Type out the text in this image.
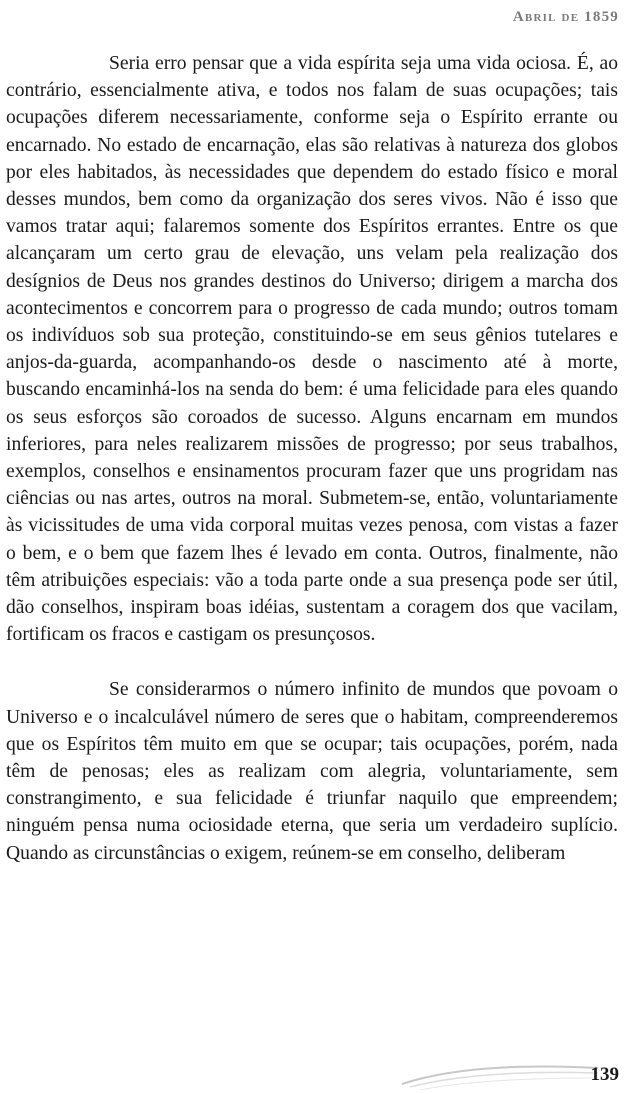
Abril de 1859

Seria erro pensar que a vida espírita seja uma vida ociosa. É, ao contrário, essencialmente ativa, e todos nos falam de suas ocupações; tais ocupações diferem necessariamente, conforme seja o Espírito errante ou encarnado. No estado de encarnação, elas são relativas à natureza dos globos por eles habitados, às necessidades que dependem do estado físico e moral desses mundos, bem como da organização dos seres vivos. Não é isso que vamos tratar aqui; falaremos somente dos Espíritos errantes. Entre os que alcançaram um certo grau de elevação, uns velam pela realização dos desígnios de Deus nos grandes destinos do Universo; dirigem a marcha dos acontecimentos e concorrem para o progresso de cada mundo; outros tomam os indivíduos sob sua proteção, constituindo-se em seus gênios tutelares e anjos-da-guarda, acompanhando-os desde o nascimento até à morte, buscando encaminhá-los na senda do bem: é uma felicidade para eles quando os seus esforços são coroados de sucesso. Alguns encarnam em mundos inferiores, para neles realizarem missões de progresso; por seus trabalhos, exemplos, conselhos e ensinamentos procuram fazer que uns progridam nas ciências ou nas artes, outros na moral. Submetem-se, então, voluntariamente às vicissitudes de uma vida corporal muitas vezes penosa, com vistas a fazer o bem, e o bem que fazem lhes é levado em conta. Outros, finalmente, não têm atribuições especiais: vão a toda parte onde a sua presença pode ser útil, dão conselhos, inspiram boas idéias, sustentam a coragem dos que vacilam, fortificam os fracos e castigam os presunçosos.

Se considerarmos o número infinito de mundos que povoam o Universo e o incalculável número de seres que o habitam, compreenderemos que os Espíritos têm muito em que se ocupar; tais ocupações, porém, nada têm de penosas; eles as realizam com alegria, voluntariamente, sem constrangimento, e sua felicidade é triunfar naquilo que empreendem; ninguém pensa numa ociosidade eterna, que seria um verdadeiro suplício. Quando as circunstâncias o exigem, reúnem-se em conselho, deliberam

139
